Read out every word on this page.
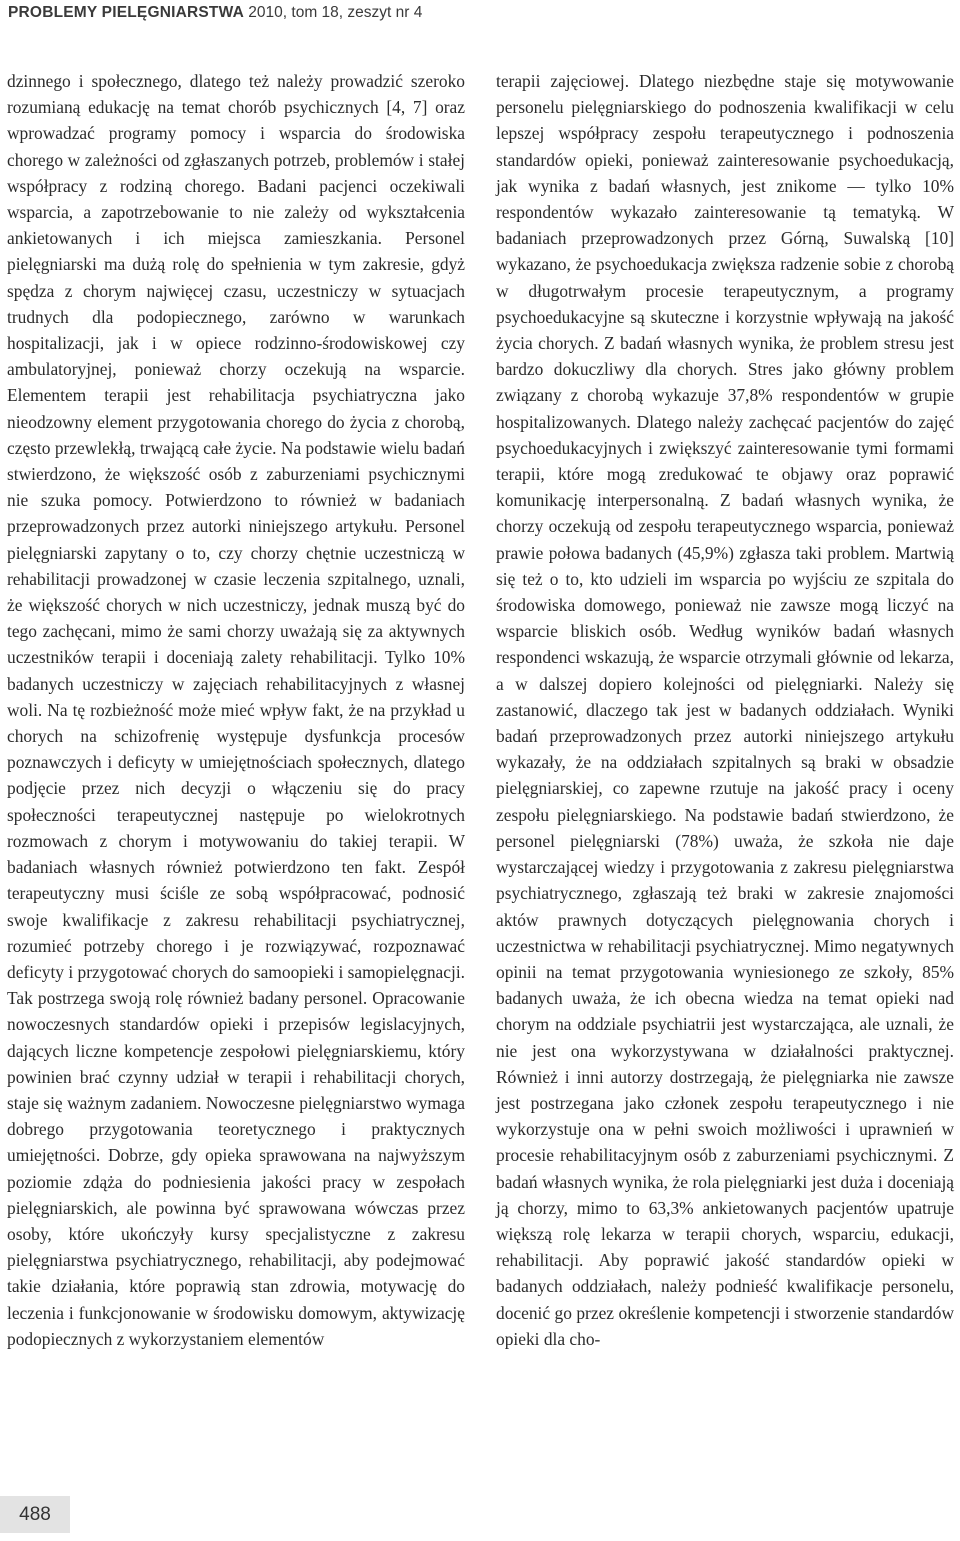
PROBLEMY PIELĘGNIARSTWA 2010, tom 18, zeszyt nr 4

dzinnego i społecznego, dlatego też należy prowadzić szeroko rozumianą edukację na temat chorób psychicznych [4, 7] oraz wprowadzać programy pomocy i wsparcia do środowiska chorego w zależności od zgłaszanych potrzeb, problemów i stałej współpracy z rodziną chorego. Badani pacjenci oczekiwali wsparcia, a zapotrzebowanie to nie zależy od wykształcenia ankietowanych i ich miejsca zamieszkania. Personel pielęgniarski ma dużą rolę do spełnienia w tym zakresie, gdyż spędza z chorym najwięcej czasu, uczestniczy w sytuacjach trudnych dla podopiecznego, zarówno w warunkach hospitalizacji, jak i w opiece rodzinno-środowiskowej czy ambulatoryjnej, ponieważ chorzy oczekują na wsparcie. Elementem terapii jest rehabilitacja psychiatryczna jako nieodzowny element przygotowania chorego do życia z chorobą, często przewlekłą, trwającą całe życie. Na podstawie wielu badań stwierdzono, że większość osób z zaburzeniami psychicznymi nie szuka pomocy. Potwierdzono to również w badaniach przeprowadzonych przez autorki niniejszego artykułu. Personel pielęgniarski zapytany o to, czy chorzy chętnie uczestniczą w rehabilitacji prowadzonej w czasie leczenia szpitalnego, uznali, że większość chorych w nich uczestniczy, jednak muszą być do tego zachęcani, mimo że sami chorzy uważają się za aktywnych uczestników terapii i doceniają zalety rehabilitacji. Tylko 10% badanych uczestniczy w zajęciach rehabilitacyjnych z własnej woli. Na tę rozbieżność może mieć wpływ fakt, że na przykład u chorych na schizofrenię występuje dysfunkcja procesów poznawczych i deficyty w umiejętnościach społecznych, dlatego podjęcie przez nich decyzji o włączeniu się do pracy społeczności terapeutycznej następuje po wielokrotnych rozmowach z chorym i motywowaniu do takiej terapii. W badaniach własnych również potwierdzono ten fakt. Zespół terapeutyczny musi ściśle ze sobą współpracować, podnosić swoje kwalifikacje z zakresu rehabilitacji psychiatrycznej, rozumieć potrzeby chorego i je rozwiązywać, rozpoznawać deficyty i przygotować chorych do samoopieki i samopielęgnacji. Tak postrzega swoją rolę również badany personel. Opracowanie nowoczesnych standardów opieki i przepisów legislacyjnych, dających liczne kompetencje zespołowi pielęgniarskiemu, który powinien brać czynny udział w terapii i rehabilitacji chorych, staje się ważnym zadaniem. Nowoczesne pielęgniarstwo wymaga dobrego przygotowania teoretycznego i praktycznych umiejętności. Dobrze, gdy opieka sprawowana na najwyższym poziomie zdąża do podniesienia jakości pracy w zespołach pielęgniarskich, ale powinna być sprawowana wówczas przez osoby, które ukończyły kursy specjalistyczne z zakresu pielęgniarstwa psychiatrycznego, rehabilitacji, aby podejmować takie działania, które poprawią stan zdrowia, motywację do leczenia i funkcjonowanie w środowisku domowym, aktywizację podopiecznych z wykorzystaniem elementów

terapii zajęciowej. Dlatego niezbędne staje się motywowanie personelu pielęgniarskiego do podnoszenia kwalifikacji w celu lepszej współpracy zespołu terapeutycznego i podnoszenia standardów opieki, ponieważ zainteresowanie psychoedukacją, jak wynika z badań własnych, jest znikome — tylko 10% respondentów wykazało zainteresowanie tą tematyką. W badaniach przeprowadzonych przez Górną, Suwalską [10] wykazano, że psychoedukacja zwiększa radzenie sobie z chorobą w długotrwałym procesie terapeutycznym, a programy psychoedukacyjne są skuteczne i korzystnie wpływają na jakość życia chorych. Z badań własnych wynika, że problem stresu jest bardzo dokuczliwy dla chorych. Stres jako główny problem związany z chorobą wykazuje 37,8% respondentów w grupie hospitalizowanych. Dlatego należy zachęcać pacjentów do zajęć psychoedukacyjnych i zwiększyć zainteresowanie tymi formami terapii, które mogą zredukować te objawy oraz poprawić komunikację interpersonalną. Z badań własnych wynika, że chorzy oczekują od zespołu terapeutycznego wsparcia, ponieważ prawie połowa badanych (45,9%) zgłasza taki problem. Martwią się też o to, kto udzieli im wsparcia po wyjściu ze szpitala do środowiska domowego, ponieważ nie zawsze mogą liczyć na wsparcie bliskich osób. Według wyników badań własnych respondenci wskazują, że wsparcie otrzymali głównie od lekarza, a w dalszej dopiero kolejności od pielęgniarki. Należy się zastanowić, dlaczego tak jest w badanych oddziałach. Wyniki badań przeprowadzonych przez autorki niniejszego artykułu wykazały, że na oddziałach szpitalnych są braki w obsadzie pielęgniarskiej, co zapewne rzutuje na jakość pracy i oceny zespołu pielęgniarskiego. Na podstawie badań stwierdzono, że personel pielęgniarski (78%) uważa, że szkoła nie daje wystarczającej wiedzy i przygotowania z zakresu pielęgniarstwa psychiatrycznego, zgłaszają też braki w zakresie znajomości aktów prawnych dotyczących pielęgnowania chorych i uczestnictwa w rehabilitacji psychiatrycznej. Mimo negatywnych opinii na temat przygotowania wyniesionego ze szkoły, 85% badanych uważa, że ich obecna wiedza na temat opieki nad chorym na oddziale psychiatrii jest wystarczająca, ale uznali, że nie jest ona wykorzystywana w działalności praktycznej. Również i inni autorzy dostrzegają, że pielęgniarka nie zawsze jest postrzegana jako członek zespołu terapeutycznego i nie wykorzystuje ona w pełni swoich możliwości i uprawnień w procesie rehabilitacyjnym osób z zaburzeniami psychicznymi. Z badań własnych wynika, że rola pielęgniarki jest duża i doceniają ją chorzy, mimo to 63,3% ankietowanych pacjentów upatruje większą rolę lekarza w terapii chorych, wsparciu, edukacji, rehabilitacji. Aby poprawić jakość standardów opieki w badanych oddziałach, należy podnieść kwalifikacje personelu, docenić go przez określenie kompetencji i stworzenie standardów opieki dla cho-

488
